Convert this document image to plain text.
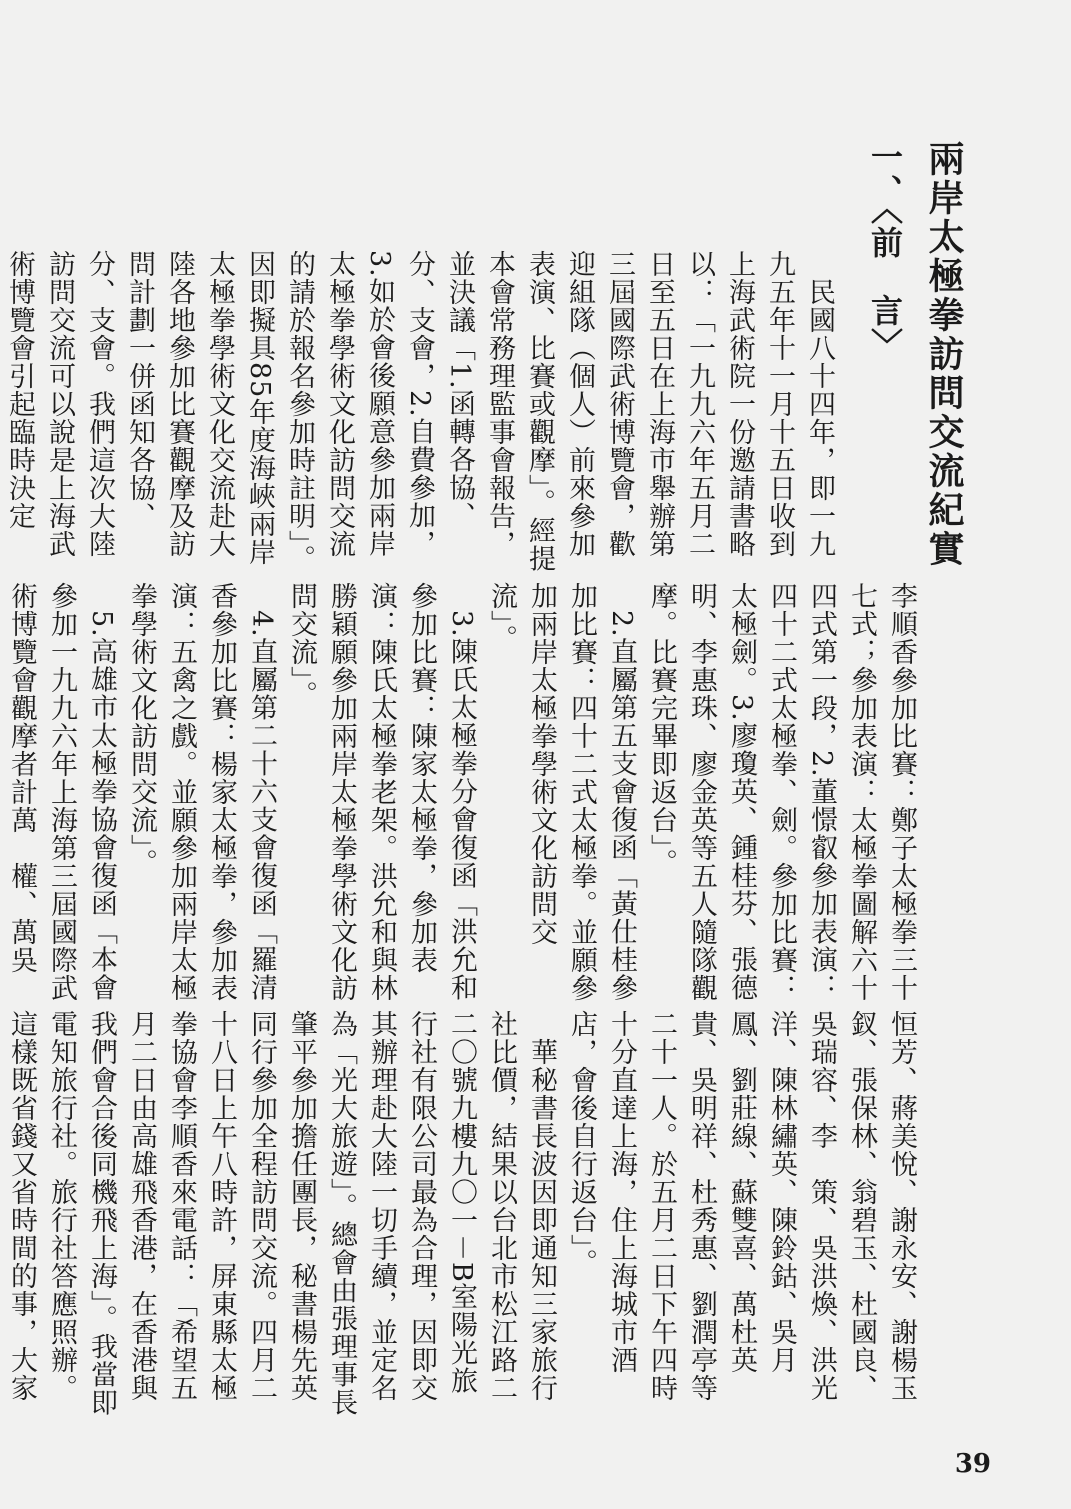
兩岸太極拳訪問交流紀實
一、〈前　言〉

　民國八十四年，即一九九五年十一月十五日收到上海武術院一份邀請書略以：「一九九六年五月二日至五日在上海市舉辦第三屆國際武術博覽會，歡迎組隊（個人）前來參加表演、比賽或觀摩」。經提本會常務理監事會報告，並決議「1.函轉各協、分、支會，2.自費參加，3.如於會後願意參加兩岸太極拳學術文化訪問交流的請於報名參加時註明」。因即擬具85年度海峽兩岸太極拳學術文化交流赴大陸各地參加比賽觀摩及訪問計劃一併函知各協、分、支會。我們這次大陸訪問交流可以說是上海武術博覽會引起臨時決定

李順香參加比賽：鄭子太極拳三十七式；參加表演：太極拳圖解六十四式第一段，2.董憬叡參加表演：四十二式太極拳、劍。參加比賽：太極劍。3.廖瓊英、鍾桂芬、張德明、李惠珠、廖金英等五人隨隊觀摩。比賽完畢即返台」。

　2.直屬第五支會復函「黃仕桂參加比賽：四十二式太極拳。並願參加兩岸太極拳學術文化訪問交流」。

　3.陳氏太極拳分會復函「洪允和參加比賽：陳家太極拳，參加表演：陳氏太極拳老架。洪允和與林勝穎願參加兩岸太極拳學術文化訪問交流」。

　4.直屬第二十六支會復函「羅清香參加比賽：楊家太極拳，參加表演：五禽之戲。並願參加兩岸太極拳學術文化訪問交流」。

　5.高雄市太極拳協會復函「本會參加一九九六年上海第三屆國際武術博覽會觀摩者計萬　權、萬吳

恒芳、蔣美悅、謝永安、謝楊玉釵、張保林、翁碧玉、杜國良、吳瑞容、李　策、吳洪煥、洪光洋、陳林繡英、陳鈴鈷、吳月鳳、劉莊線、蘇雙喜、萬杜英貴、吳明祥、杜秀惠、劉潤亭等二十一人。於五月二日下午四時十分直達上海，住上海城市酒店，會後自行返台」。

　華秘書長波因即通知三家旅行社比價，結果以台北市松江路二二〇號九樓九〇一－B室陽光旅行社有限公司最為合理，因即交其辦理赴大陸一切手續，並定名為「光大旅遊」。總會由張理事長肇平參加擔任團長，秘書楊先英同行參加全程訪問交流。四月二十八日上午八時許，屏東縣太極拳協會李順香來電話：「希望五月二日由高雄飛香港，在香港與我們會合後同機飛上海」。我當即電知旅行社。旅行社答應照辦。這樣既省錢又省時間的事，大家

39
